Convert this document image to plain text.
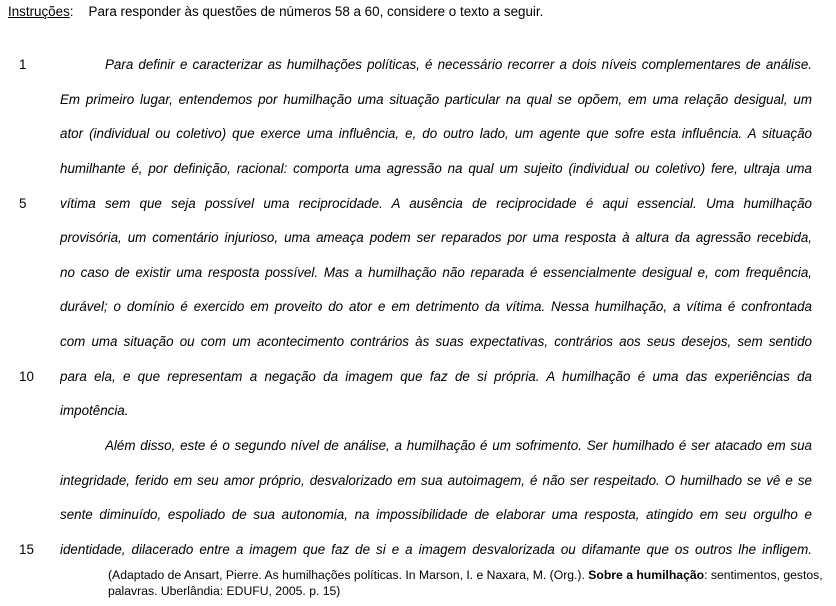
Instruções: Para responder às questões de números 58 a 60, considere o texto a seguir.
1	Para definir e caracterizar as humilhações políticas, é necessário recorrer a dois níveis complementares de análise.
Em primeiro lugar, entendemos por humilhação uma situação particular na qual se opõem, em uma relação desigual, um
ator (individual ou coletivo) que exerce uma influência, e, do outro lado, um agente que sofre esta influência. A situação
humilhante é, por definição, racional: comporta uma agressão na qual um sujeito (individual ou coletivo) fere, ultraja uma
5	vítima sem que seja possível uma reciprocidade. A ausência de reciprocidade é aqui essencial. Uma humilhação
provisória, um comentário injurioso, uma ameaça podem ser reparados por uma resposta à altura da agressão recebida,
no caso de existir uma resposta possível. Mas a humilhação não reparada é essencialmente desigual e, com frequência,
durável; o domínio é exercido em proveito do ator e em detrimento da vítima. Nessa humilhação, a vítima é confrontada
com uma situação ou com um acontecimento contrários às suas expectativas, contrários aos seus desejos, sem sentido
10	para ela, e que representam a negação da imagem que faz de si própria. A humilhação é uma das experiências da
impotência.
Além disso, este é o segundo nível de análise, a humilhação é um sofrimento. Ser humilhado é ser atacado em sua
integridade, ferido em seu amor próprio, desvalorizado em sua autoimagem, é não ser respeitado. O humilhado se vê e se
sente diminuído, espoliado de sua autonomia, na impossibilidade de elaborar uma resposta, atingido em seu orgulho e
15	identidade, dilacerado entre a imagem que faz de si e a imagem desvalorizada ou difamante que os outros lhe infligem.
(Adaptado de Ansart, Pierre. As humilhações políticas. In Marson, I. e Naxara, M. (Org.). Sobre a humilhação: sentimentos, gestos,
palavras. Uberlândia: EDUFU, 2005. p. 15)
